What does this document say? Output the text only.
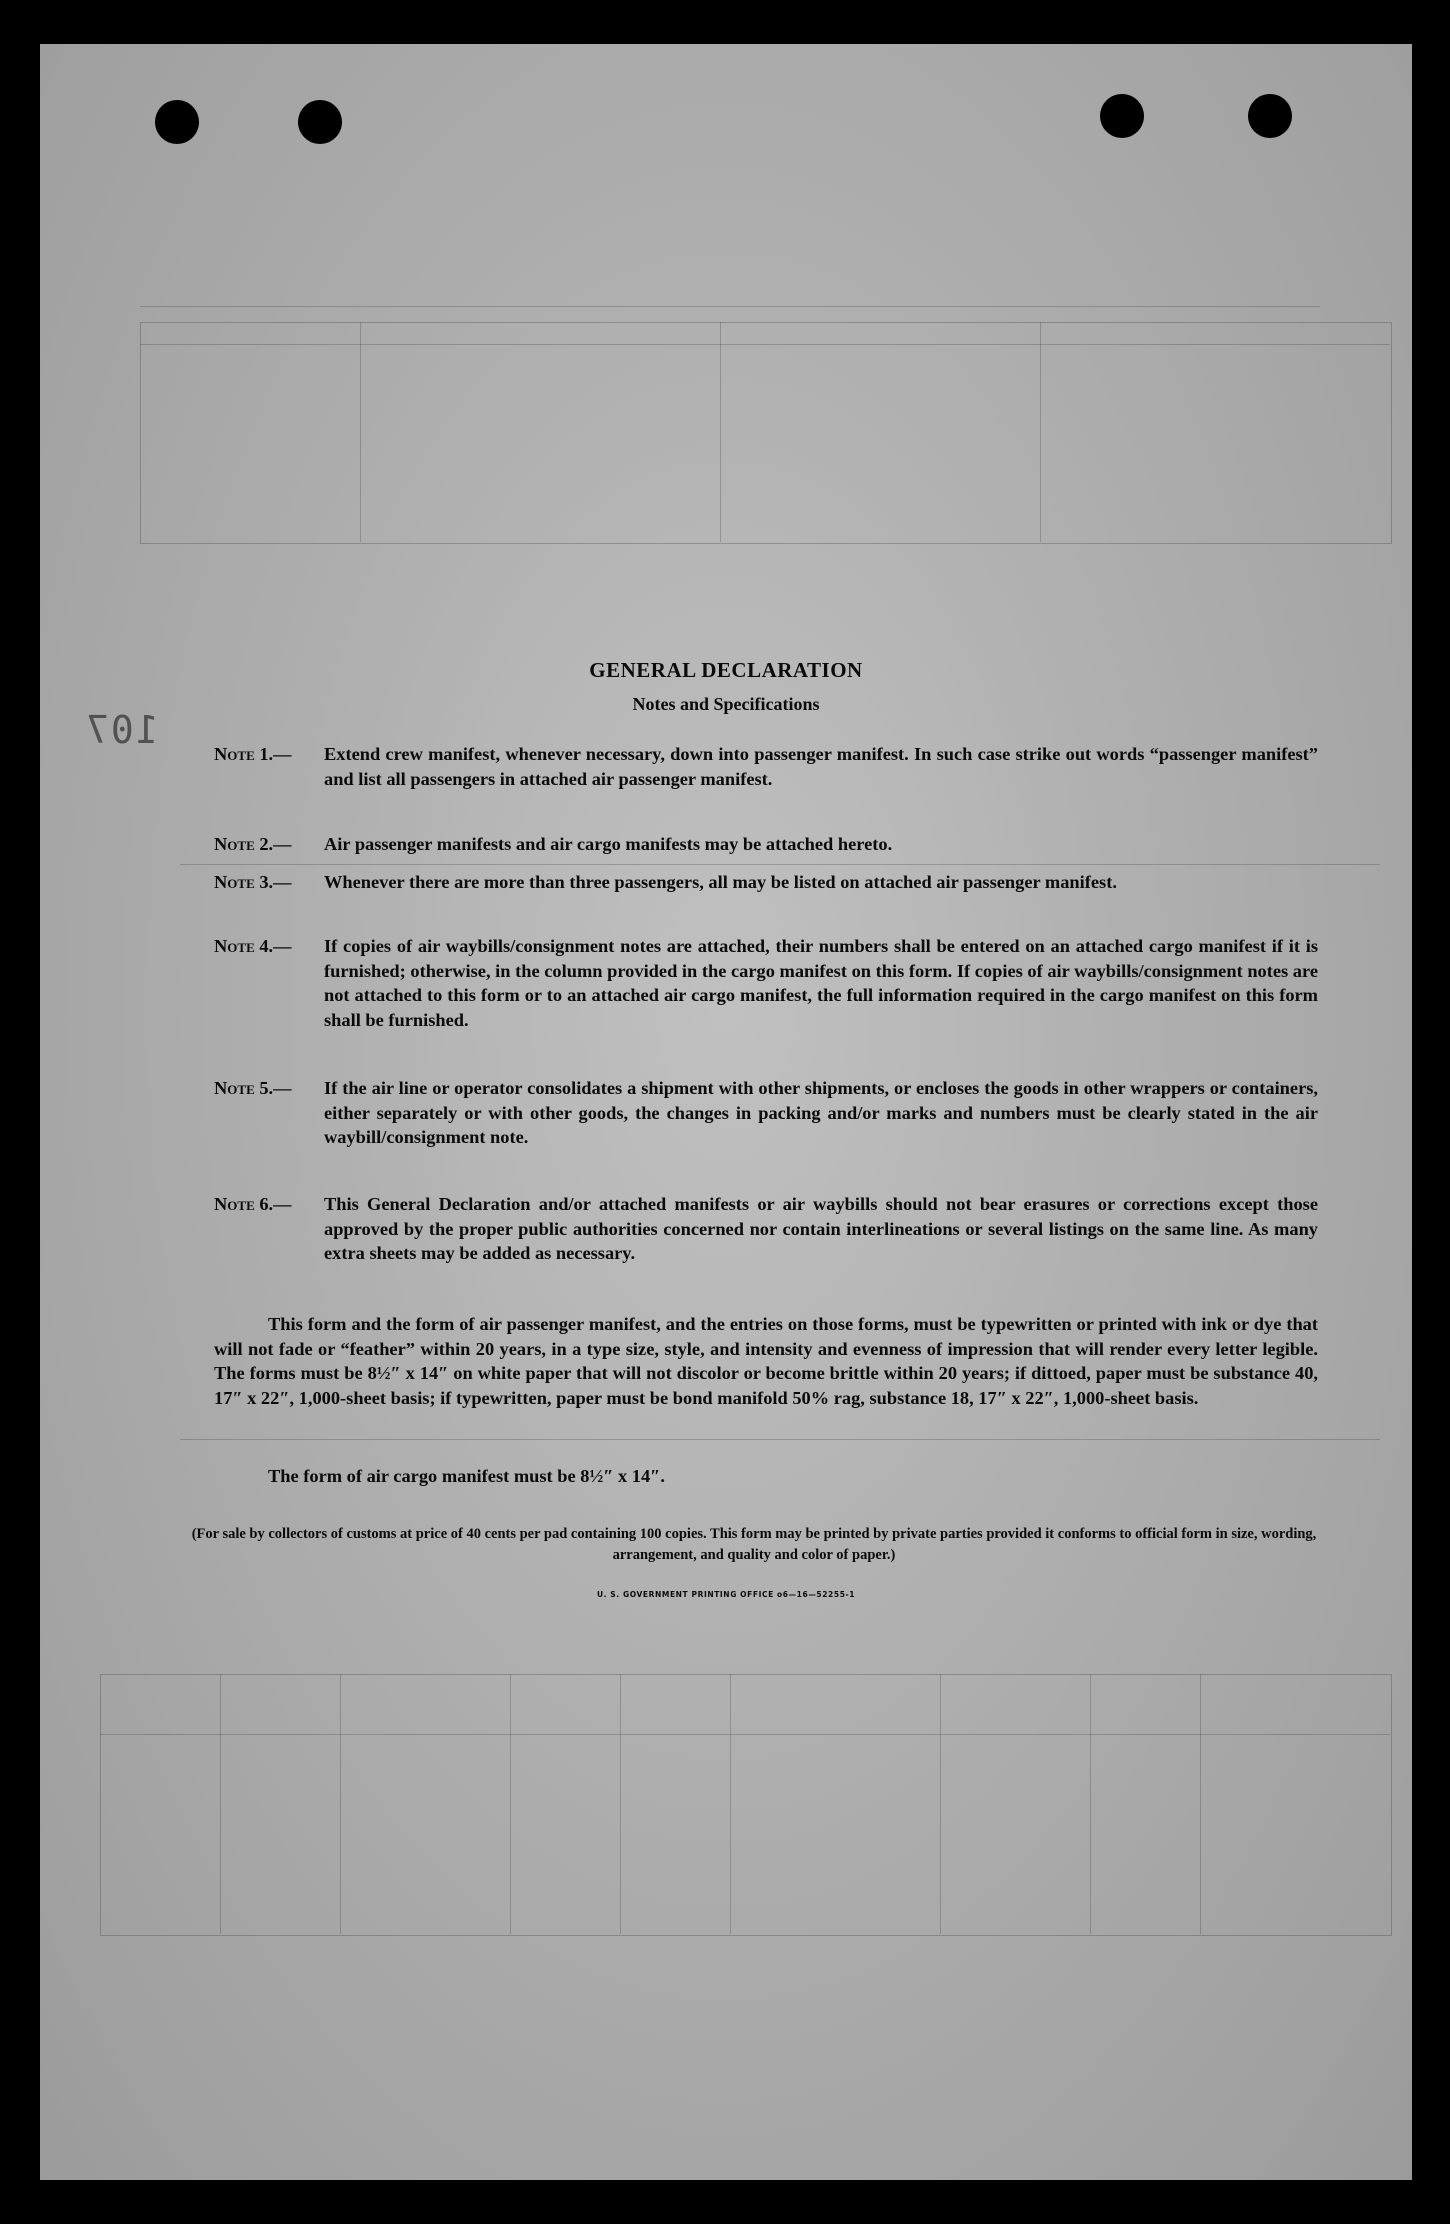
107
GENERAL DECLARATION
Notes and Specifications
Note 1.—	Extend crew manifest, whenever necessary, down into passenger manifest. In such case strike out words “passenger manifest” and list all passengers in attached air passenger manifest.
Note 2.—	Air passenger manifests and air cargo manifests may be attached hereto.
Note 3.—	Whenever there are more than three passengers, all may be listed on attached air passenger manifest.
Note 4.—	If copies of air waybills/consignment notes are attached, their numbers shall be entered on an attached cargo manifest if it is furnished; otherwise, in the column provided in the cargo manifest on this form. If copies of air waybills/consignment notes are not attached to this form or to an attached air cargo manifest, the full information required in the cargo manifest on this form shall be furnished.
Note 5.—	If the air line or operator consolidates a shipment with other shipments, or encloses the goods in other wrappers or containers, either separately or with other goods, the changes in packing and/or marks and numbers must be clearly stated in the air waybill/consignment note.
Note 6.—	This General Declaration and/or attached manifests or air waybills should not bear erasures or corrections except those approved by the proper public authorities concerned nor contain interlineations or several listings on the same line. As many extra sheets may be added as necessary.
This form and the form of air passenger manifest, and the entries on those forms, must be typewritten or printed with ink or dye that will not fade or “feather” within 20 years, in a type size, style, and intensity and evenness of impression that will render every letter legible. The forms must be 8½″ x 14″ on white paper that will not discolor or become brittle within 20 years; if dittoed, paper must be substance 40, 17″ x 22″, 1,000-sheet basis; if typewritten, paper must be bond manifold 50% rag, substance 18, 17″ x 22″, 1,000-sheet basis.
The form of air cargo manifest must be 8½″ x 14″.
(For sale by collectors of customs at price of 40 cents per pad containing 100 copies. This form may be printed by private parties provided it conforms to official form in size, wording, arrangement, and quality and color of paper.)
U. S. GOVERNMENT PRINTING OFFICE o6—16—52255-1
